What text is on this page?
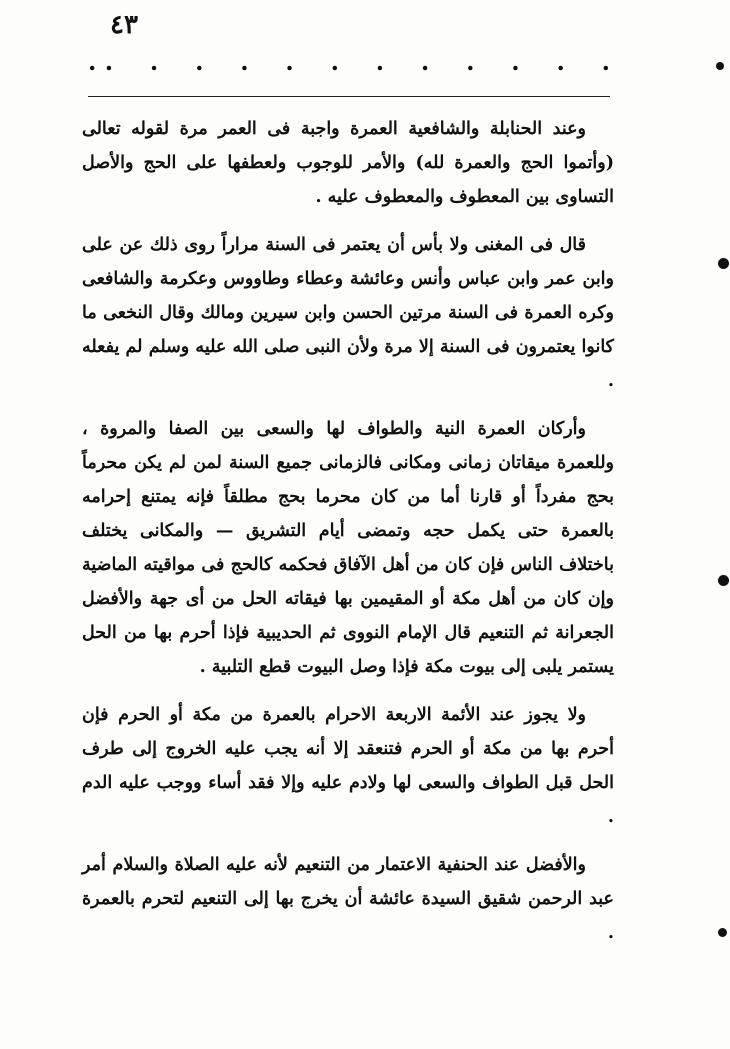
٤٣
. . . . . . . . . . . . .

وعند الحنابلة والشافعية العمرة واجبة فى العمر مرة لقوله تعالى (وأتموا الحج والعمرة لله) والأمر للوجوب ولعطفها على الحج والأصل التساوى بين المعطوف والمعطوف عليه .

قال فى المغنى ولا بأس أن يعتمر فى السنة مراراً روى ذلك عن على وابن عمر وابن عباس وأنس وعائشة وعطاء وطاووس وعكرمة والشافعى وكره العمرة فى السنة مرتين الحسن وابن سيرين ومالك وقال النخعى ما كانوا يعتمرون فى السنة إلا مرة ولأن النبى صلى الله عليه وسلم لم يفعله .

وأركان العمرة النية والطواف لها والسعى بين الصفا والمروة ، وللعمرة ميقاتان زمانى ومكانى فالزمانى جميع السنة لمن لم يكن محرماً بحج مفرداً أو قارنا أما من كان محرما بحج مطلقاً فإنه يمتنع إحرامه بالعمرة حتى يكمل حجه وتمضى أيام التشريق — والمكانى يختلف باختلاف الناس فإن كان من أهل الآفاق فحكمه كالحج فى مواقيته الماضية وإن كان من أهل مكة أو المقيمين بها فيقاته الحل من أى جهة والأفضل الجعرانة ثم التنعيم قال الإمام النووى ثم الحديبية فإذا أحرم بها من الحل يستمر يلبى إلى بيوت مكة فإذا وصل البيوت قطع التلبية .

ولا يجوز عند الأئمة الاربعة الاحرام بالعمرة من مكة أو الحرم فإن أحرم بها من مكة أو الحرم فتنعقد إلا أنه يجب عليه الخروج إلى طرف الحل قبل الطواف والسعى لها ولادم عليه وإلا فقد أساء ووجب عليه الدم .

والأفضل عند الحنفية الاعتمار من التنعيم لأنه عليه الصلاة والسلام أمر عبد الرحمن شقيق السيدة عائشة أن يخرج بها إلى التنعيم لتحرم بالعمرة .
